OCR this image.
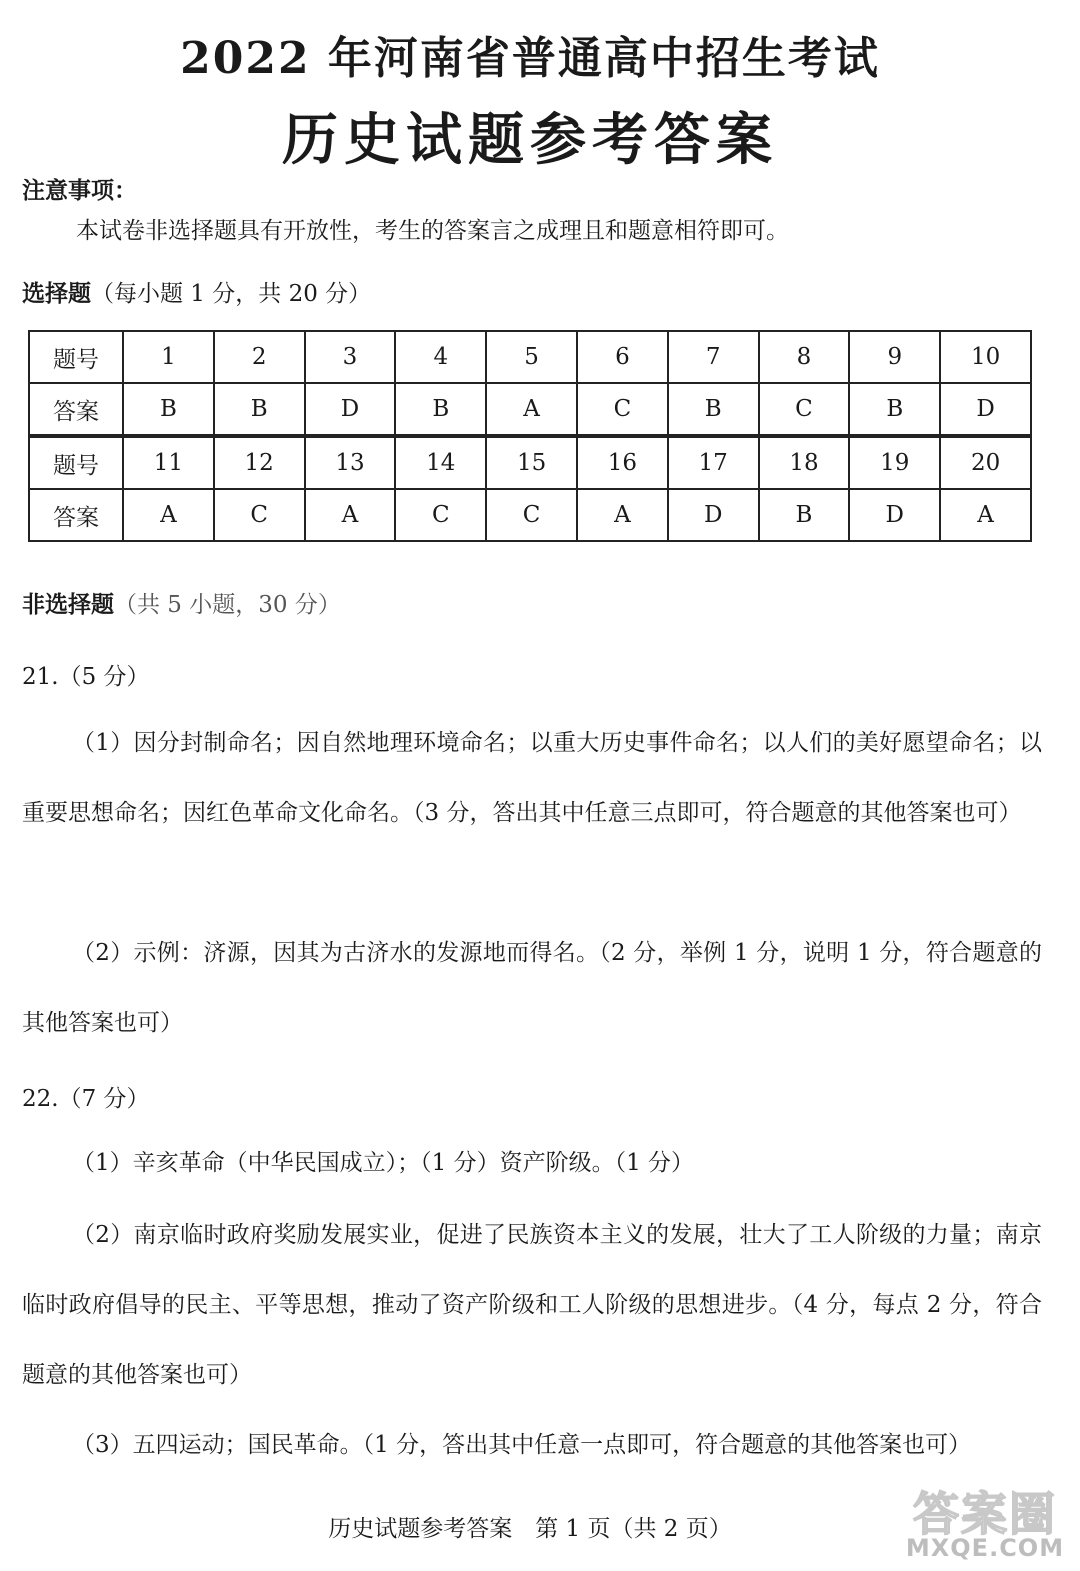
2022 年河南省普通高中招生考试
历史试题参考答案
注意事项：
本试卷非选择题具有开放性，考生的答案言之成理且和题意相符即可。
选择题（每小题 1 分，共 20 分）
题号	1	2	3	4	5	6	7	8	9	10
答案	B	B	D	B	A	C	B	C	B	D
题号	11	12	13	14	15	16	17	18	19	20
答案	A	C	A	C	C	A	D	B	D	A
非选择题（共 5 小题，30 分）
21.（5 分）
（1）因分封制命名；因自然地理环境命名；以重大历史事件命名；以人们的美好愿望命名；以重要思想命名；因红色革命文化命名。（3 分，答出其中任意三点即可，符合题意的其他答案也可）
（2）示例：济源，因其为古济水的发源地而得名。（2 分，举例 1 分，说明 1 分，符合题意的其他答案也可）
22.（7 分）
（1）辛亥革命（中华民国成立）；（1 分）资产阶级。（1 分）
（2）南京临时政府奖励发展实业，促进了民族资本主义的发展，壮大了工人阶级的力量；南京临时政府倡导的民主、平等思想，推动了资产阶级和工人阶级的思想进步。（4 分，每点 2 分，符合题意的其他答案也可）
（3）五四运动；国民革命。（1 分，答出其中任意一点即可，符合题意的其他答案也可）
历史试题参考答案　第 1 页（共 2 页）	答案圈
MXQE.COM
